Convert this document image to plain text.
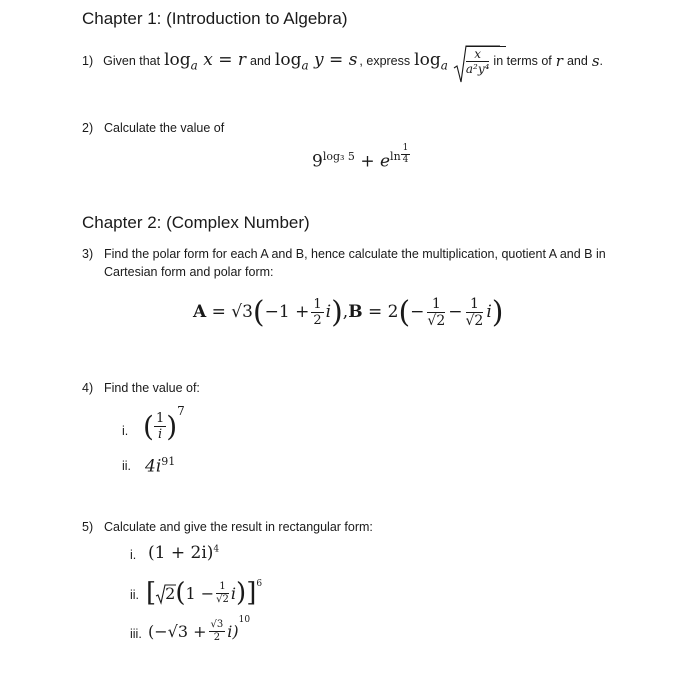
Chapter 1: (Introduction to Algebra)
1) Given that $\log_a x = r$ and $\log_a y = s$ , express $\log_a \frac{x}{\text{a²y⁴}}$ in terms of r and s .
2) Calculate the value of
$9^{log_3 5} + e^{ln \frac{1}{4}}$
Chapter 2: (Complex Number)
3) Find the polar form for each A and B, hence calculate the multiplication, quotient A and B in
Cartesian form and polar form:
A
=
√3 ( $-1 + \frac{1}{2}$ i ) , B
= 2 ( − $\frac{1}{√2} - \frac{1}{√2}$ i )
4) Find the value of:
i. ( $\frac{1}{i} )^7$
ii. $4i^{91}$
5) Calculate and give the result in rectangular form:
i. $(1 + 2i)^4$
ii. [ 2 ( $1 - \frac{1}{√2}$ i ) ]$^6$
iii. $(-√3 + \frac{√3}{2} i)$
$^{10}$
